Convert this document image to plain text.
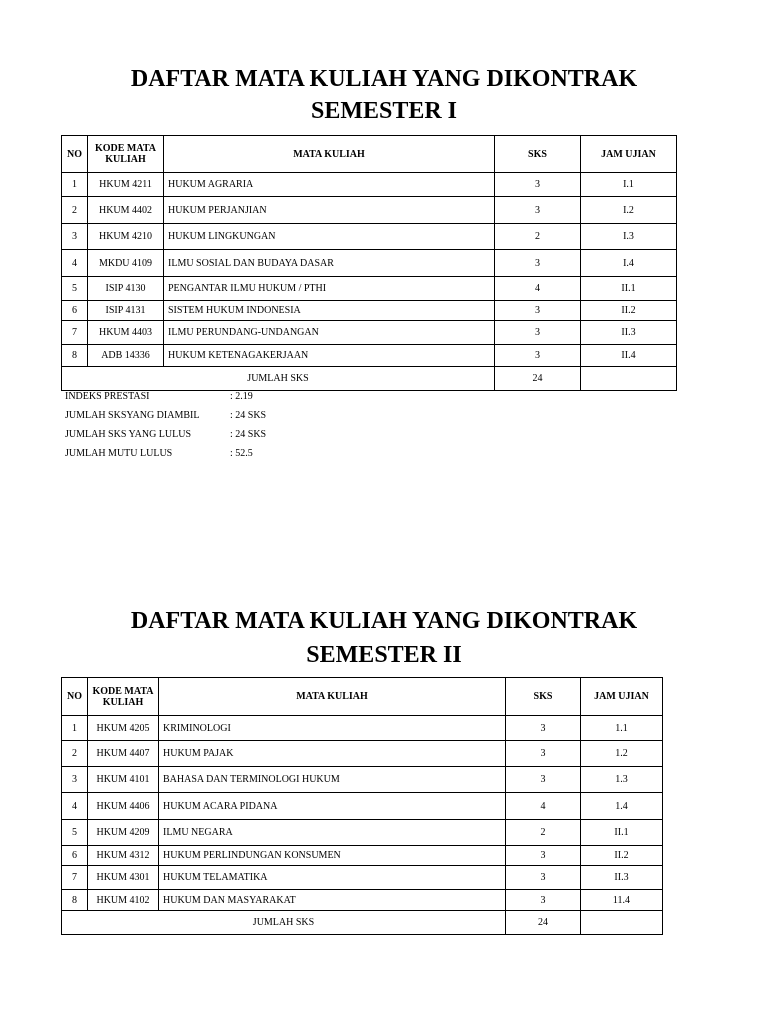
DAFTAR MATA KULIAH YANG DIKONTRAK
SEMESTER I
NO	KODE MATA KULIAH	MATA KULIAH	SKS	JAM UJIAN
1	HKUM 4211	HUKUM AGRARIA	3	I.1
2	HKUM 4402	HUKUM PERJANJIAN	3	I.2
3	HKUM 4210	HUKUM LINGKUNGAN	2	I.3
4	MKDU 4109	ILMU SOSIAL DAN BUDAYA DASAR	3	I.4
5	ISIP 4130	PENGANTAR ILMU HUKUM / PTHI	4	II.1
6	ISIP 4131	SISTEM HUKUM INDONESIA	3	II.2
7	HKUM 4403	ILMU PERUNDANG-UNDANGAN	3	II.3
8	ADB 14336	HUKUM KETENAGAKERJAAN	3	II.4
JUMLAH SKS			24	
INDEKS PRESTASI	: 2.19
JUMLAH SKSYANG DIAMBIL	: 24 SKS
JUMLAH SKS YANG LULUS	: 24 SKS
JUMLAH MUTU LULUS	: 52.5
DAFTAR MATA KULIAH YANG DIKONTRAK
SEMESTER II
NO	KODE MATA KULIAH	MATA KULIAH	SKS	JAM UJIAN
1	HKUM 4205	KRIMINOLOGI	3	1.1
2	HKUM 4407	HUKUM PAJAK	3	1.2
3	HKUM 4101	BAHASA DAN TERMINOLOGI HUKUM	3	1.3
4	HKUM 4406	HUKUM ACARA PIDANA	4	1.4
5	HKUM 4209	ILMU NEGARA	2	II.1
6	HKUM 4312	HUKUM PERLINDUNGAN KONSUMEN	3	II.2
7	HKUM 4301	HUKUM TELAMATIKA	3	II.3
8	HKUM 4102	HUKUM DAN MASYARAKAT	3	11.4
JUMLAH SKS			24	
